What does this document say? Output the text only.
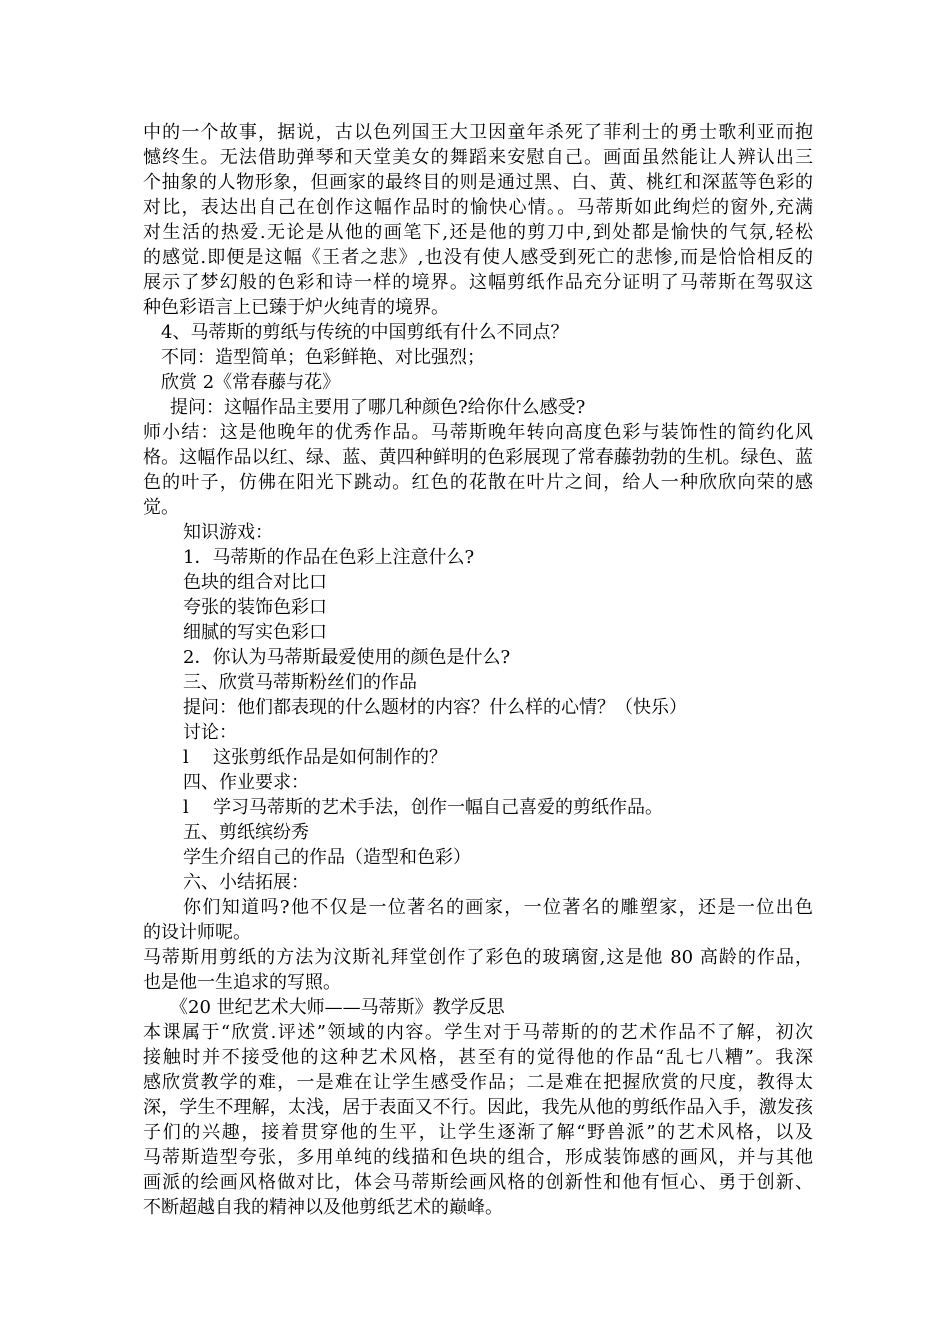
中的一个故事，据说，古以色列国王大卫因童年杀死了菲利士的勇士歌利亚而抱
憾终生。无法借助弹琴和天堂美女的舞蹈来安慰自己。画面虽然能让人辨认出三
个抽象的人物形象，但画家的最终目的则是通过黑、白、黄、桃红和深蓝等色彩的
对比，表达出自己在创作这幅作品时的愉快心情。。马蒂斯如此绚烂的窗外,充满
对生活的热爱.无论是从他的画笔下,还是他的剪刀中,到处都是愉快的气氛,轻松
的感觉.即便是这幅《王者之悲》,也没有使人感受到死亡的悲惨,而是恰恰相反的
展示了梦幻般的色彩和诗一样的境界。这幅剪纸作品充分证明了马蒂斯在驾驭这
种色彩语言上已臻于炉火纯青的境界。
4、马蒂斯的剪纸与传统的中国剪纸有什么不同点？
不同：造型简单；色彩鲜艳、对比强烈；
欣赏 2《常春藤与花》
提问：这幅作品主要用了哪几种颜色?给你什么感受?
师小结：这是他晚年的优秀作品。马蒂斯晚年转向高度色彩与装饰性的简约化风
格。这幅作品以红、绿、蓝、黄四种鲜明的色彩展现了常春藤勃勃的生机。绿色、蓝
色的叶子，仿佛在阳光下跳动。红色的花散在叶片之间，给人一种欣欣向荣的感
觉。
知识游戏：
1．马蒂斯的作品在色彩上注意什么?
色块的组合对比口
夸张的装饰色彩口
细腻的写实色彩口
2．你认为马蒂斯最爱使用的颜色是什么?
三、欣赏马蒂斯粉丝们的作品
提问：他们都表现的什么题材的内容？什么样的心情？（快乐）
讨论：
l 这张剪纸作品是如何制作的？
四、作业要求：
l 学习马蒂斯的艺术手法，创作一幅自己喜爱的剪纸作品。
五、剪纸缤纷秀
学生介绍自己的作品（造型和色彩）
六、小结拓展：
你们知道吗?他不仅是一位著名的画家，一位著名的雕塑家，还是一位出色
的设计师呢。
马蒂斯用剪纸的方法为汶斯礼拜堂创作了彩色的玻璃窗,这是他 80 高龄的作品，
也是他一生追求的写照。
《20 世纪艺术大师——马蒂斯》教学反思
本课属于“欣赏.评述”领域的内容。学生对于马蒂斯的的艺术作品不了解，初次
接触时并不接受他的这种艺术风格，甚至有的觉得他的作品“乱七八糟”。我深
感欣赏教学的难，一是难在让学生感受作品；二是难在把握欣赏的尺度，教得太
深，学生不理解，太浅，居于表面又不行。因此，我先从他的剪纸作品入手，激发孩
子们的兴趣，接着贯穿他的生平，让学生逐渐了解“野兽派”的艺术风格，以及
马蒂斯造型夸张，多用单纯的线描和色块的组合，形成装饰感的画风，并与其他
画派的绘画风格做对比，体会马蒂斯绘画风格的创新性和他有恒心、勇于创新、
不断超越自我的精神以及他剪纸艺术的巅峰。
